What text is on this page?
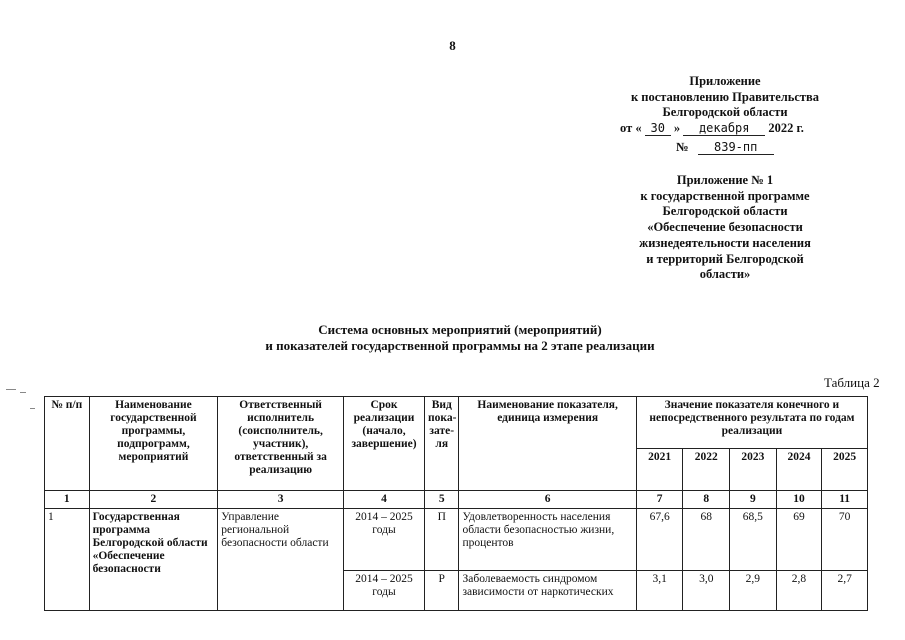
8
Приложение
к постановлению Правительства
Белгородской области
от « 30 » декабря 2022 г.
№ 839-пп
Приложение № 1
к государственной программе
Белгородской области
«Обеспечение безопасности
жизнедеятельности населения
и территорий Белгородской
области»
Система основных мероприятий (мероприятий)
и показателей государственной программы на 2 этапе реализации
Таблица 2
№ п/п	Наименование государственной программы, подпрограмм, мероприятий	Ответственный исполнитель (соисполнитель, участник), ответственный за реализацию	Срок реализации (начало, завершение)	Вид пока-зате-ля	Наименование показателя, единица измерения	Значение показателя конечного и непосредственного результата по годам реализации				
						2021	2022	2023	2024	2025
1	2	3	4	5	6	7	8	9	10	11
1	Государственная программа Белгородской области «Обеспечение безопасности	Управление региональной безопасности области	2014 – 2025 годы	П	Удовлетворенность населения области безопасностью жизни, процентов	67,6	68	68,5	69	70
			2014 – 2025 годы	Р	Заболеваемость синдромом зависимости от наркотических	3,1	3,0	2,9	2,8	2,7
